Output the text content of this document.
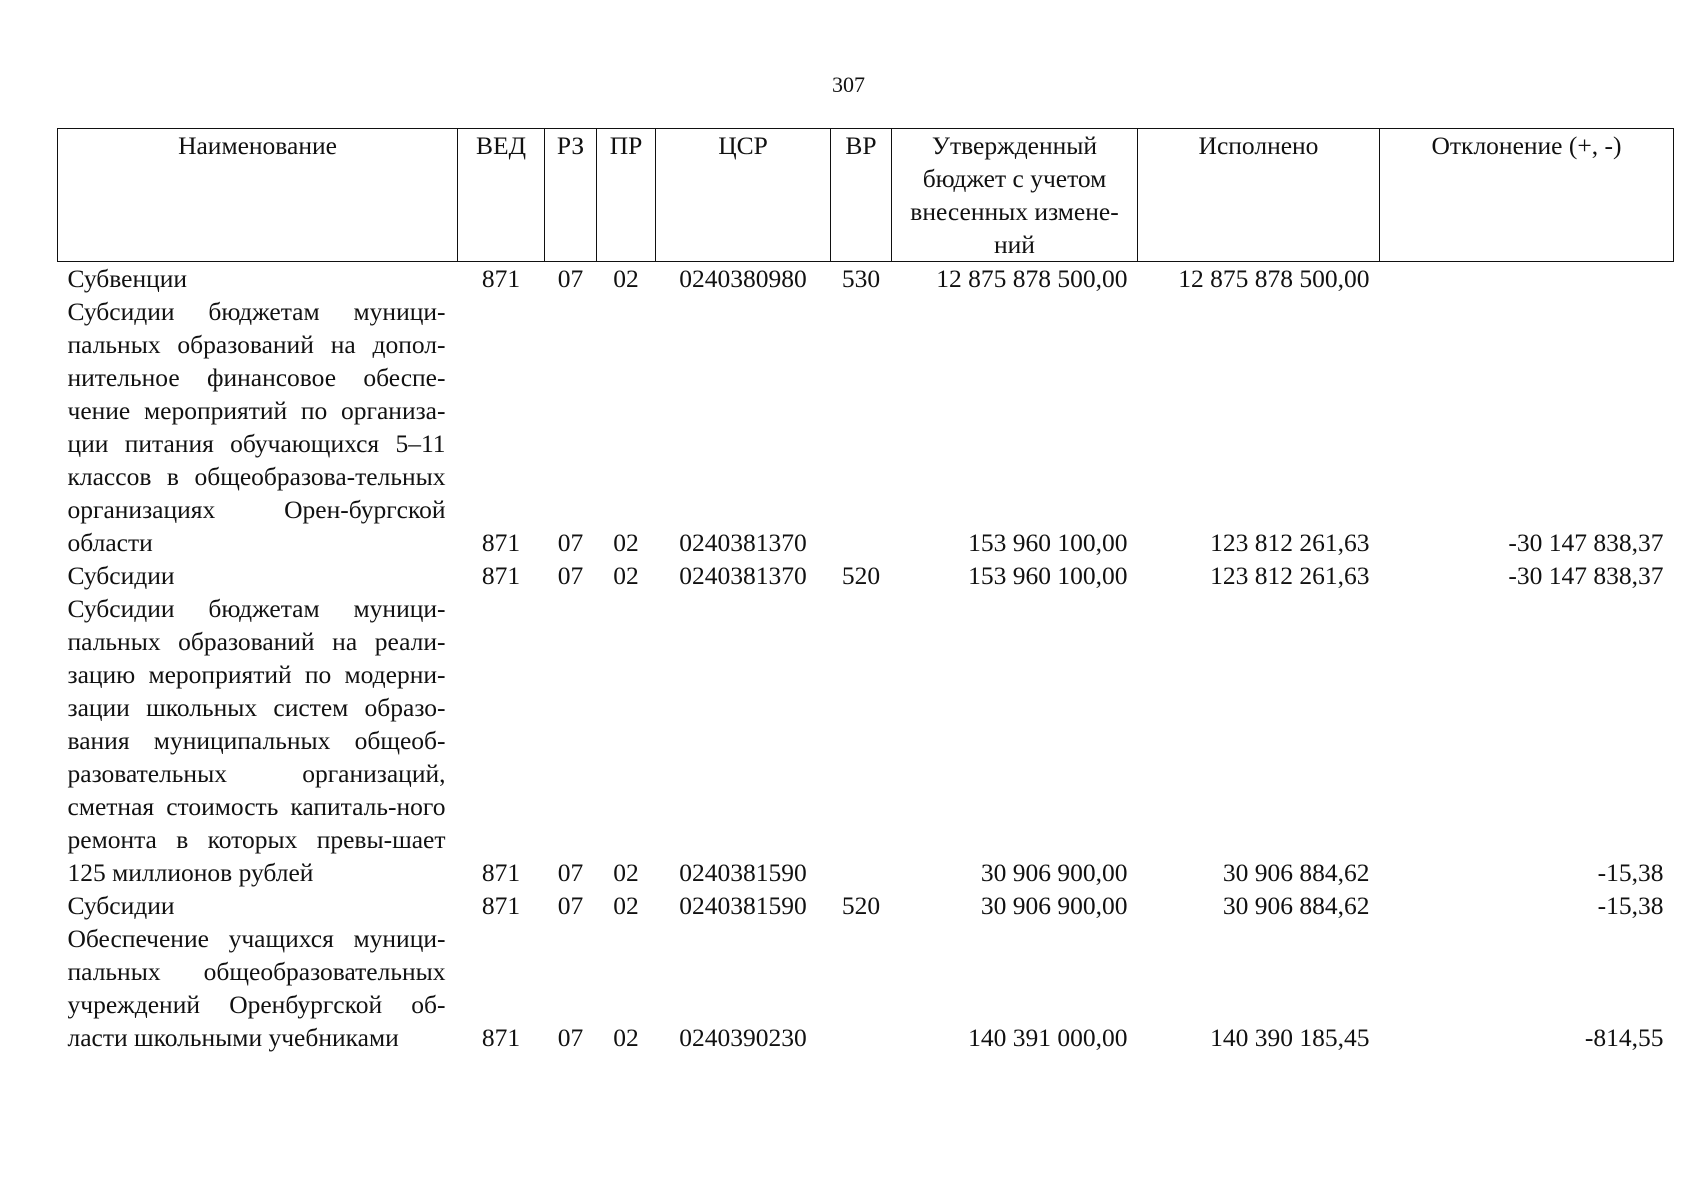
307
Наименование	ВЕД	РЗ	ПР	ЦСР	ВР	Утвержденный бюджет с учетом внесенных измене-ний	Исполнено	Отклонение (+, -)
Субвенции	871	07	02	0240380980	530	12 875 878 500,00	12 875 878 500,00	
Субсидии бюджетам муници-пальных образований на допол-нительное финансовое обеспе-чение мероприятий по организа-ции питания обучающихся 5–11 классов в общеобразова-тельных организациях Орен-бургской области	871	07	02	0240381370		153 960 100,00	123 812 261,63	-30 147 838,37
Субсидии	871	07	02	0240381370	520	153 960 100,00	123 812 261,63	-30 147 838,37
Субсидии бюджетам муници-пальных образований на реали-зацию мероприятий по модерни-зации школьных систем образо-вания муниципальных общеоб-разовательных организаций, сметная стоимость капиталь-ного ремонта в которых превы-шает 125 миллионов рублей	871	07	02	0240381590		30 906 900,00	30 906 884,62	-15,38
Субсидии	871	07	02	0240381590	520	30 906 900,00	30 906 884,62	-15,38
Обеспечение учащихся муници-пальных общеобразовательных учреждений Оренбургской об-ласти школьными учебниками	871	07	02	0240390230		140 391 000,00	140 390 185,45	-814,55
